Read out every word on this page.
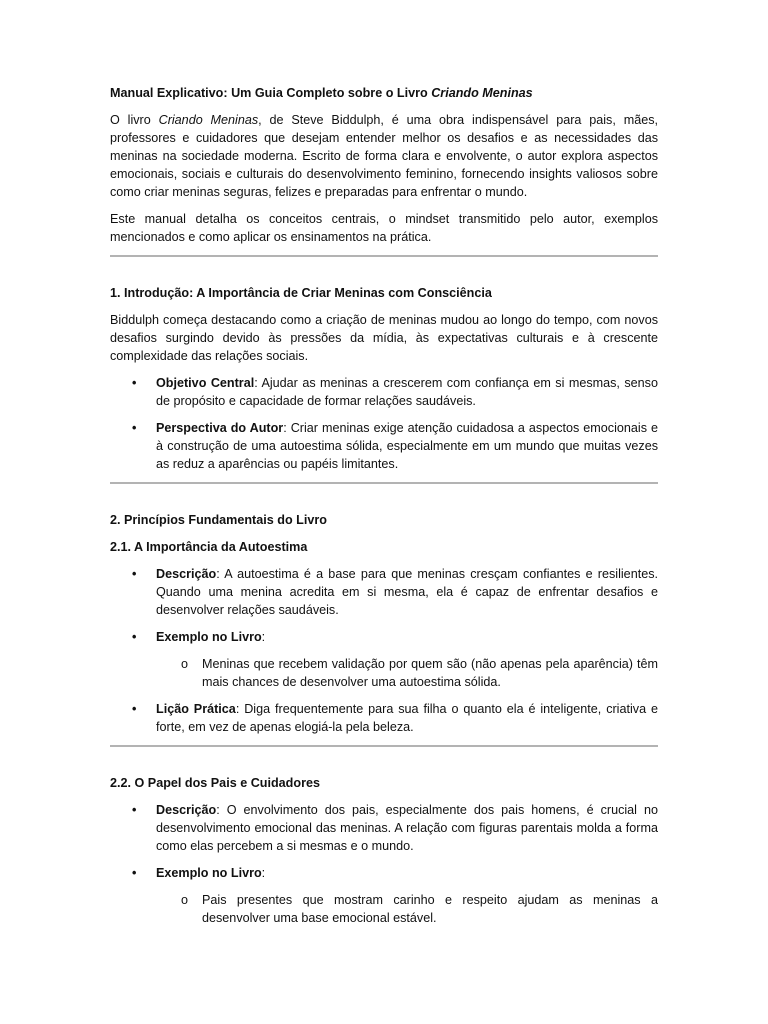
Manual Explicativo: Um Guia Completo sobre o Livro Criando Meninas

O livro Criando Meninas, de Steve Biddulph, é uma obra indispensável para pais, mães, professores e cuidadores que desejam entender melhor os desafios e as necessidades das meninas na sociedade moderna. Escrito de forma clara e envolvente, o autor explora aspectos emocionais, sociais e culturais do desenvolvimento feminino, fornecendo insights valiosos sobre como criar meninas seguras, felizes e preparadas para enfrentar o mundo.

Este manual detalha os conceitos centrais, o mindset transmitido pelo autor, exemplos mencionados e como aplicar os ensinamentos na prática.

1. Introdução: A Importância de Criar Meninas com Consciência

Biddulph começa destacando como a criação de meninas mudou ao longo do tempo, com novos desafios surgindo devido às pressões da mídia, às expectativas culturais e à crescente complexidade das relações sociais.

• Objetivo Central: Ajudar as meninas a crescerem com confiança em si mesmas, senso de propósito e capacidade de formar relações saudáveis.
• Perspectiva do Autor: Criar meninas exige atenção cuidadosa a aspectos emocionais e à construção de uma autoestima sólida, especialmente em um mundo que muitas vezes as reduz a aparências ou papéis limitantes.

2. Princípios Fundamentais do Livro

2.1. A Importância da Autoestima

• Descrição: A autoestima é a base para que meninas cresçam confiantes e resilientes. Quando uma menina acredita em si mesma, ela é capaz de enfrentar desafios e desenvolver relações saudáveis.
• Exemplo no Livro:
o Meninas que recebem validação por quem são (não apenas pela aparência) têm mais chances de desenvolver uma autoestima sólida.
• Lição Prática: Diga frequentemente para sua filha o quanto ela é inteligente, criativa e forte, em vez de apenas elogiá-la pela beleza.

2.2. O Papel dos Pais e Cuidadores

• Descrição: O envolvimento dos pais, especialmente dos pais homens, é crucial no desenvolvimento emocional das meninas. A relação com figuras parentais molda a forma como elas percebem a si mesmas e o mundo.
• Exemplo no Livro:
o Pais presentes que mostram carinho e respeito ajudam as meninas a desenvolver uma base emocional estável.
